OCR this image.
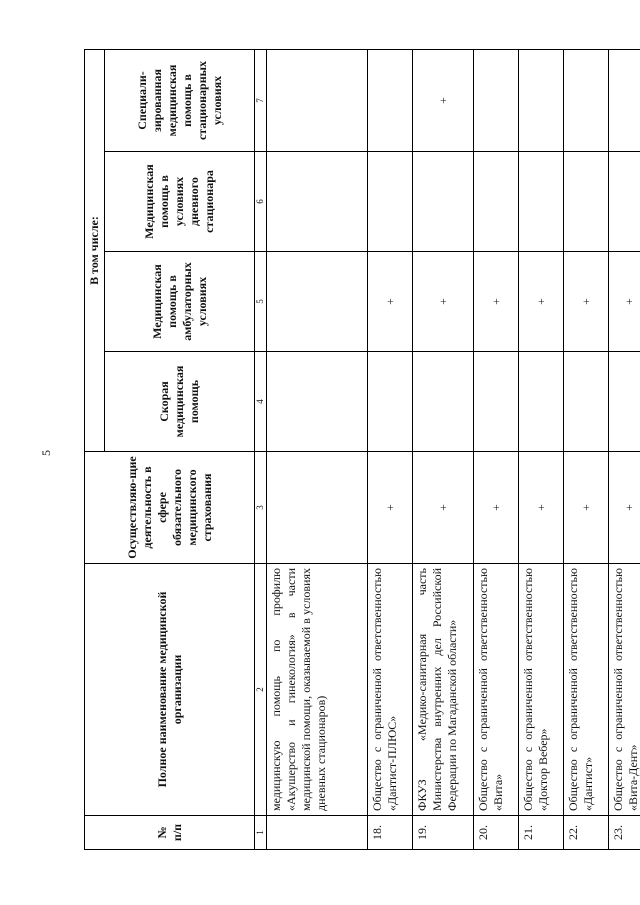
5
№ п/п	Полное наименование медицинской организации	Осуществляю-щие деятельность в сфере обязательного медицинского страхования	В том числе:			
			Скорая медицинская помощь	Медицинская помощь в амбулаторных условиях	Медицинская помощь в условиях дневного стационара	Специали-зированная медицинская помощь в стационарных условиях
1	2	3	4	5	6	7
	медицинскую помощь по профилю «Акушерство и гинекология» в части медицинской помощи, оказываемой в условиях дневных стационаров)					
18.	Общество с ограниченной ответственностью «Дантист-ПЛЮС»	+		+		
19.	ФКУЗ «Медико-санитарная часть Министерства внутренних дел Российской Федерации по Магаданской области»	+		+		+
20.	Общество с ограниченной ответственностью «Вита»	+		+		
21.	Общество с ограниченной ответственностью «Доктор Вебер»	+		+		
22.	Общество с ограниченной ответственностью «Дантист»	+		+		
23.	Общество с ограниченной ответственностью «Вита-Дент»	+		+		
